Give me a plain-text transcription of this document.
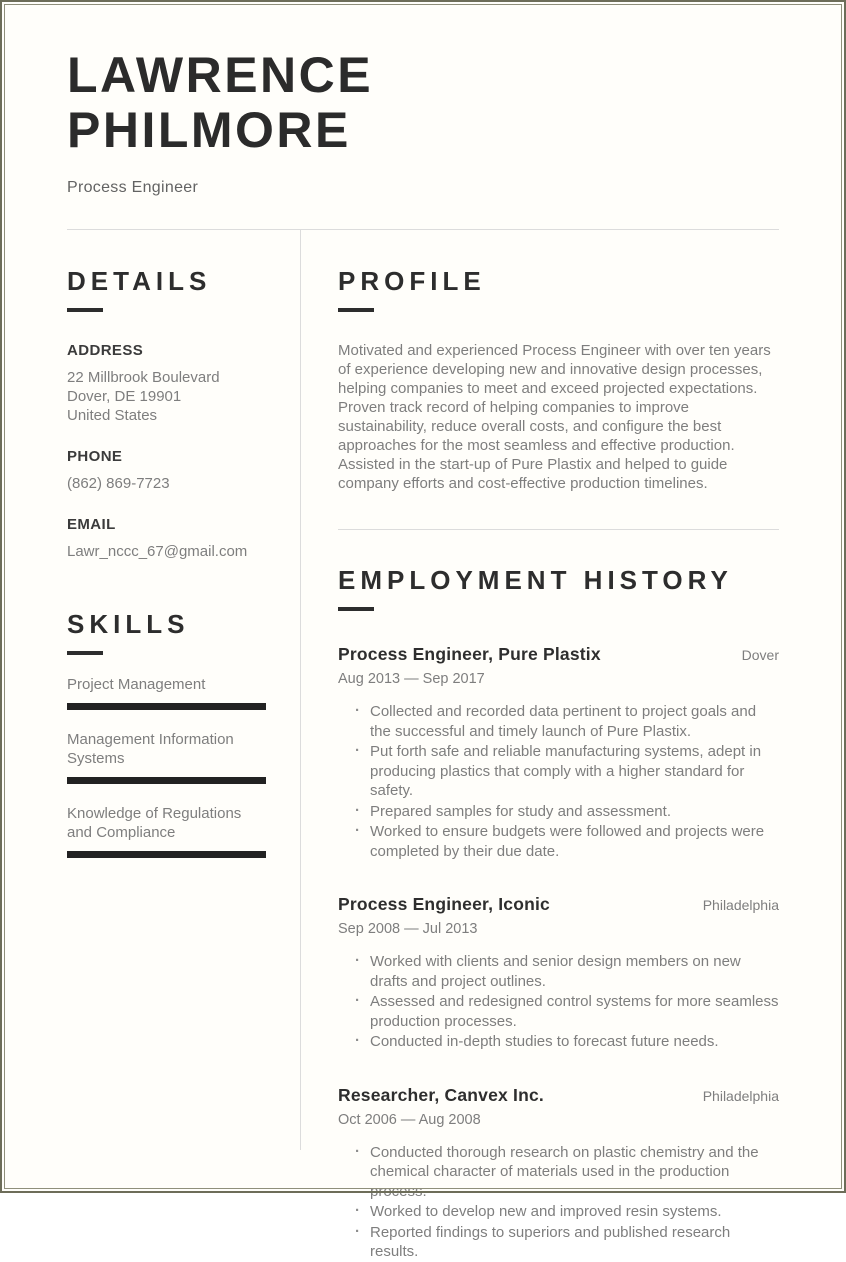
LAWRENCE PHILMORE
Process Engineer
DETAILS
ADDRESS
22 Millbrook Boulevard
Dover, DE 19901
United States
PHONE
(862) 869-7723
EMAIL
Lawr_nccc_67@gmail.com
SKILLS
Project Management
Management Information Systems
Knowledge of Regulations and Compliance
PROFILE

Motivated and experienced Process Engineer with over ten years of experience developing new and innovative design processes, helping companies to meet and exceed projected expectations. Proven track record of helping companies to improve sustainability, reduce overall costs, and configure the best approaches for the most seamless and effective production. Assisted in the start-up of Pure Plastix and helped to guide company efforts and cost-effective production timelines.

EMPLOYMENT HISTORY
Process Engineer, Pure Plastix	Dover
Aug 2013 — Sep 2017
· Collected and recorded data pertinent to project goals and the successful and timely launch of Pure Plastix.
· Put forth safe and reliable manufacturing systems, adept in producing plastics that comply with a higher standard for safety.
· Prepared samples for study and assessment.
· Worked to ensure budgets were followed and projects were completed by their due date.
Process Engineer, Iconic	Philadelphia
Sep 2008 — Jul 2013
· Worked with clients and senior design members on new drafts and project outlines.
· Assessed and redesigned control systems for more seamless production processes.
· Conducted in-depth studies to forecast future needs.
Researcher, Canvex Inc.	Philadelphia
Oct 2006 — Aug 2008
· Conducted thorough research on plastic chemistry and the chemical character of materials used in the production process.
· Worked to develop new and improved resin systems.
· Reported findings to superiors and published research results.
